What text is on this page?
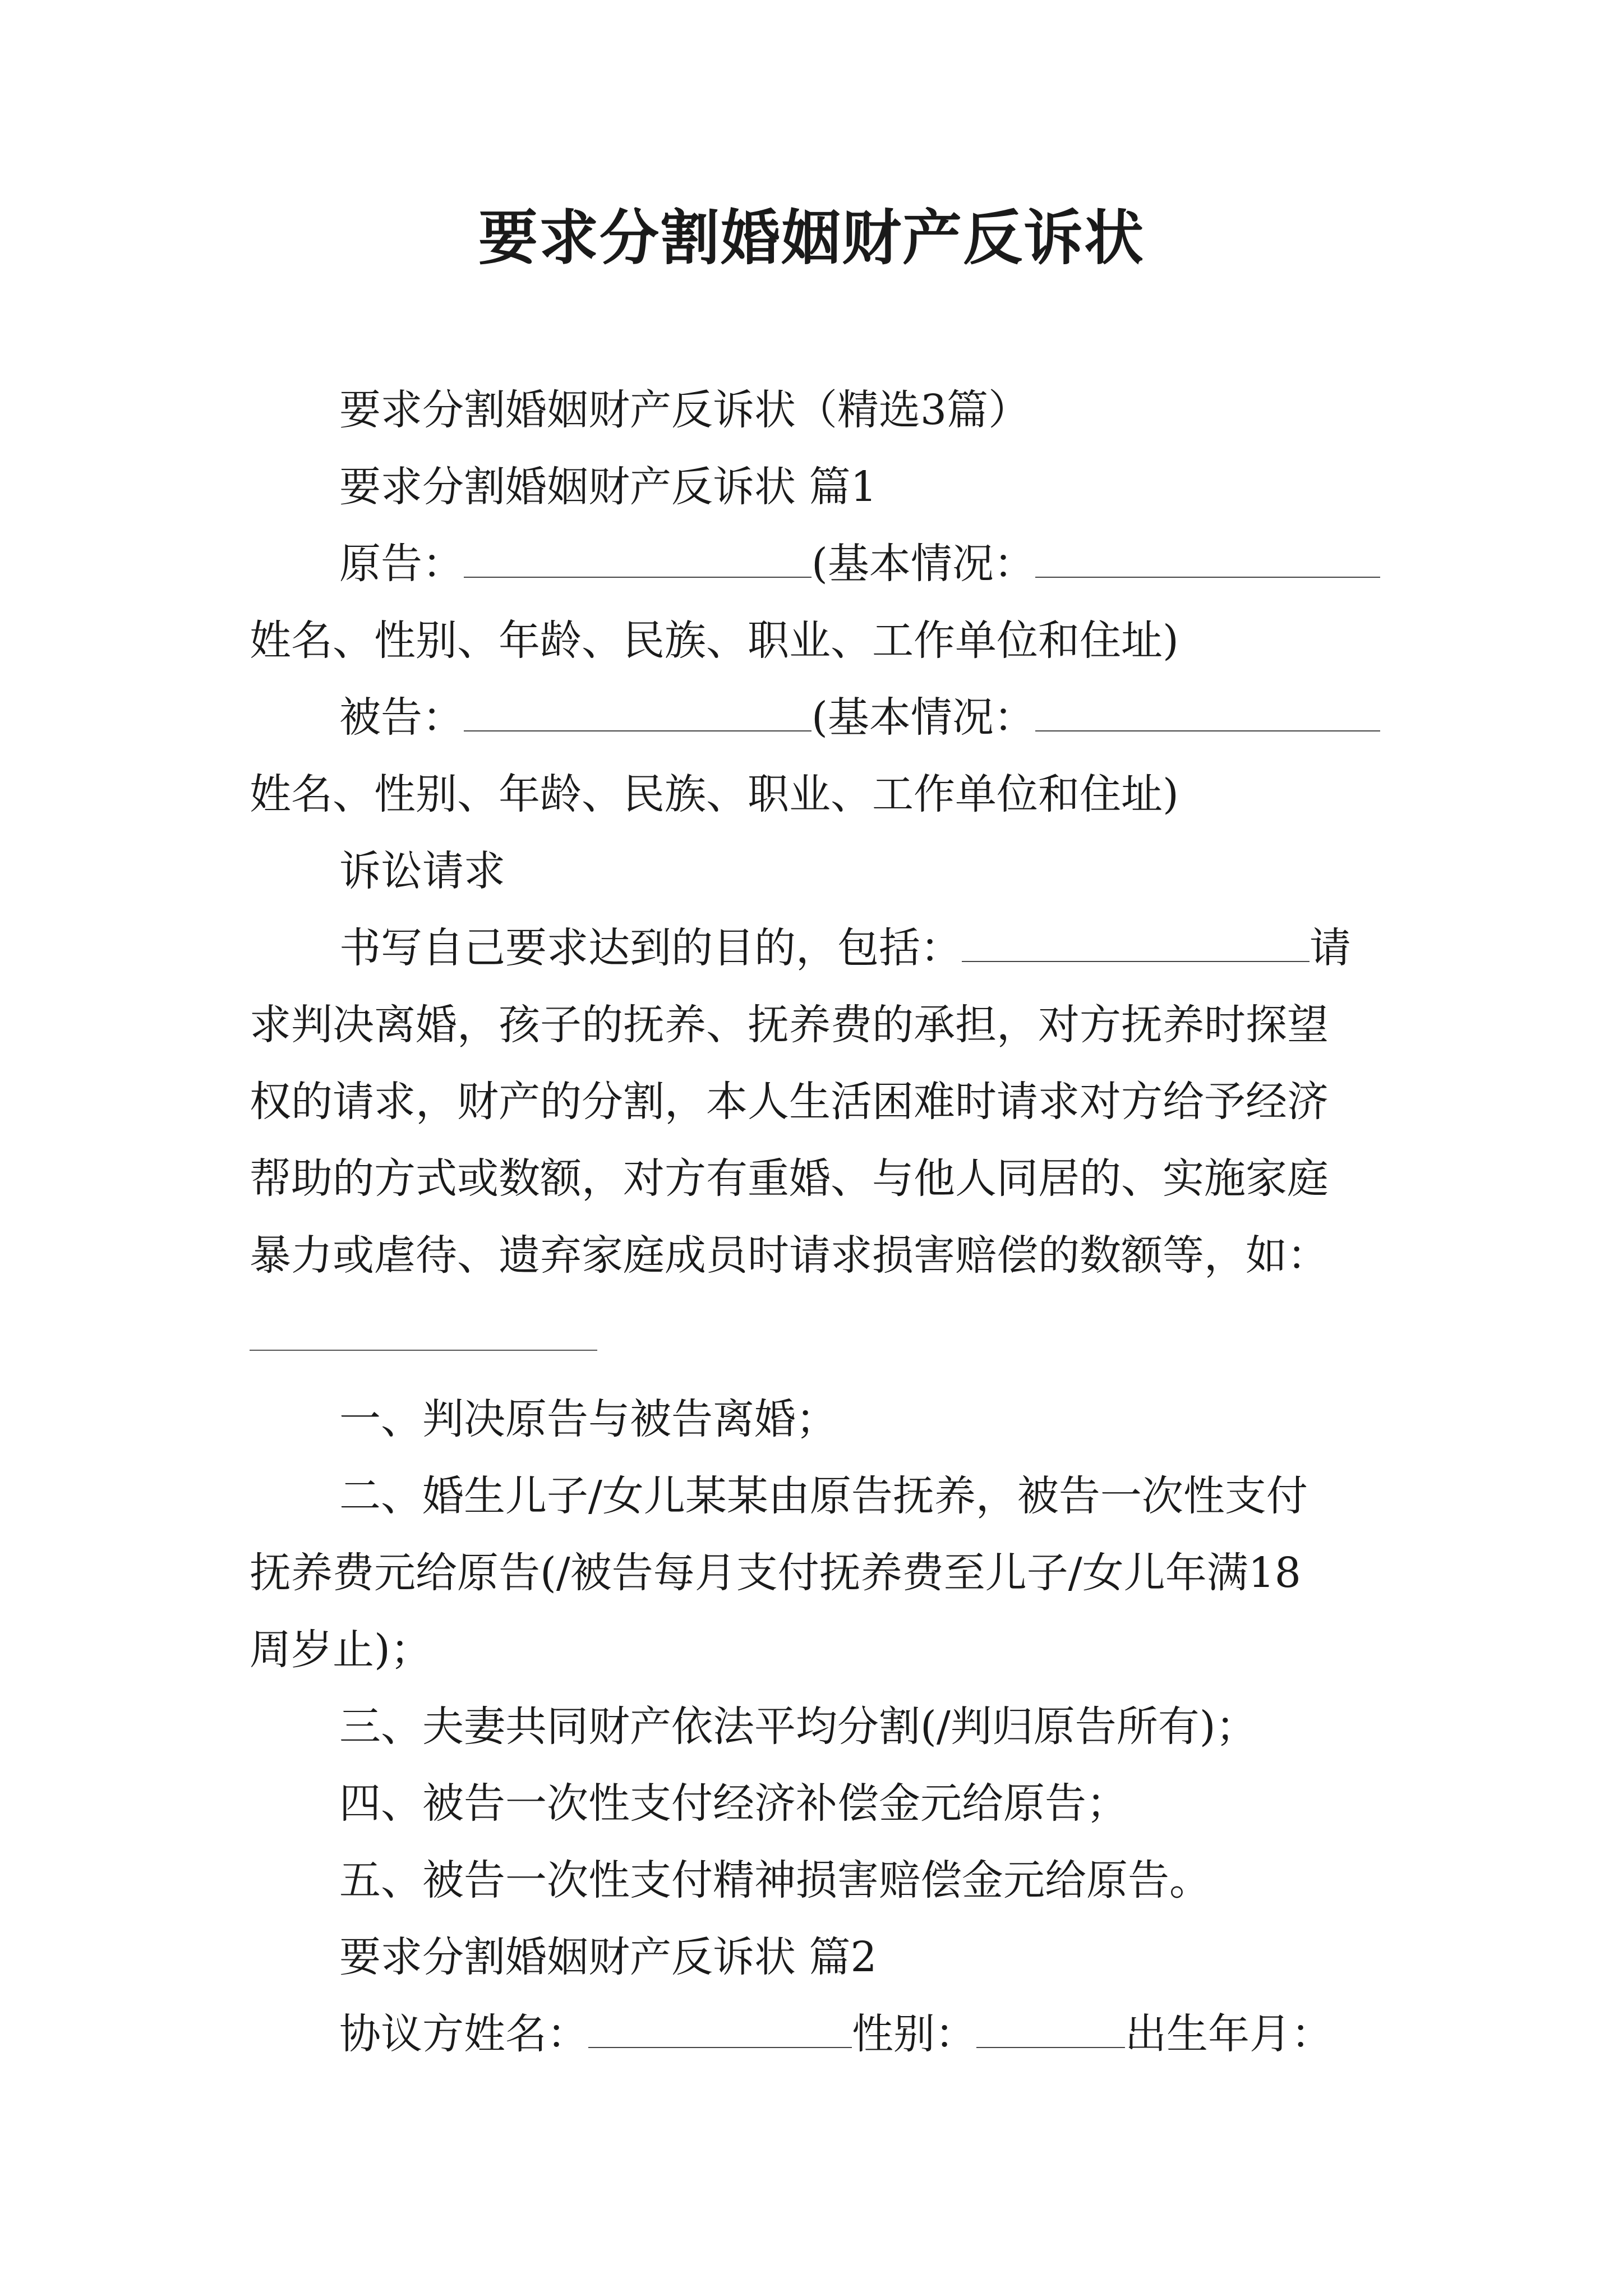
要求分割婚姻财产反诉状
要求分割婚姻财产反诉状（精选3篇）
要求分割婚姻财产反诉状 篇1
原告：	(基本情况：
姓名、性别、年龄、民族、职业、工作单位和住址)
被告：	(基本情况：
姓名、性别、年龄、民族、职业、工作单位和住址)
诉讼请求
书写自己要求达到的目的，包括：	请
求判决离婚，孩子的抚养、抚养费的承担，对方抚养时探望
权的请求，财产的分割，本人生活困难时请求对方给予经济
帮助的方式或数额，对方有重婚、与他人同居的、实施家庭
暴力或虐待、遗弃家庭成员时请求损害赔偿的数额等，如：
一、判决原告与被告离婚；
二、婚生儿子/女儿某某由原告抚养，被告一次性支付
抚养费元给原告(/被告每月支付抚养费至儿子/女儿年满18
周岁止)；
三、夫妻共同财产依法平均分割(/判归原告所有)；
四、被告一次性支付经济补偿金元给原告；
五、被告一次性支付精神损害赔偿金元给原告。
要求分割婚姻财产反诉状 篇2
协议方姓名：	性别：	出生年月：
